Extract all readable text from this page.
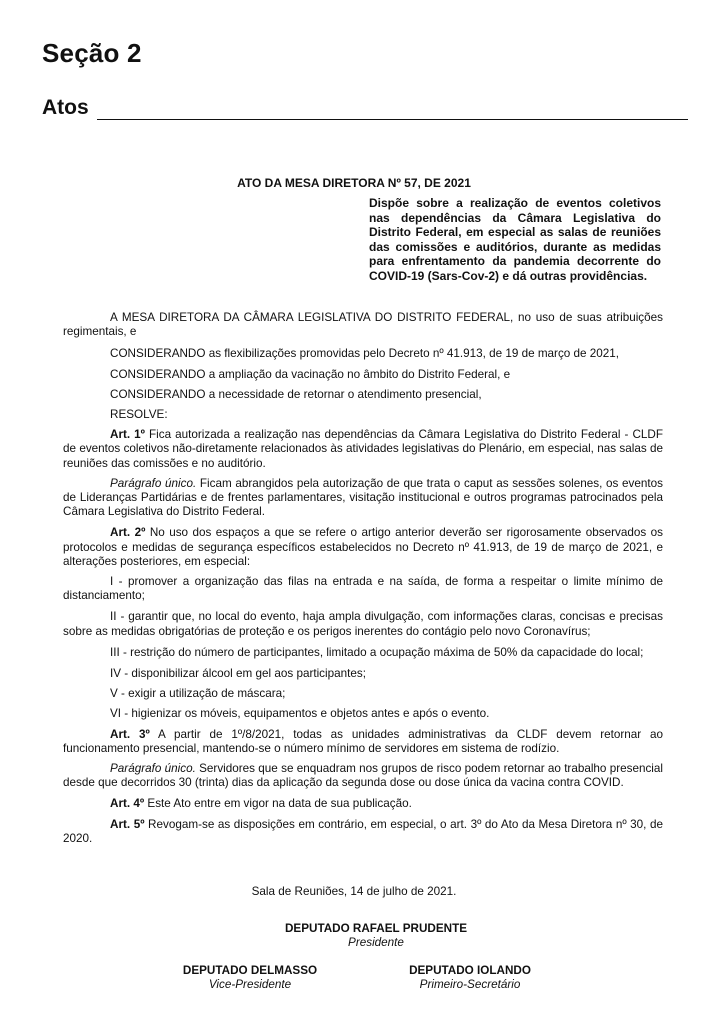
Seção 2
Atos

ATO DA MESA DIRETORA Nº 57, DE 2021

Dispõe sobre a realização de eventos coletivos nas dependências da Câmara Legislativa do Distrito Federal, em especial as salas de reuniões das comissões e auditórios, durante as medidas para enfrentamento da pandemia decorrente do COVID-19 (Sars-Cov-2) e dá outras providências.

A MESA DIRETORA DA CÂMARA LEGISLATIVA DO DISTRITO FEDERAL, no uso de suas atribuições regimentais, e

CONSIDERANDO as flexibilizações promovidas pelo Decreto nº 41.913, de 19 de março de 2021,

CONSIDERANDO a ampliação da vacinação no âmbito do Distrito Federal, e

CONSIDERANDO a necessidade de retornar o atendimento presencial,

RESOLVE:

Art. 1º Fica autorizada a realização nas dependências da Câmara Legislativa do Distrito Federal - CLDF de eventos coletivos não-diretamente relacionados às atividades legislativas do Plenário, em especial, nas salas de reuniões das comissões e no auditório.

Parágrafo único. Ficam abrangidos pela autorização de que trata o caput as sessões solenes, os eventos de Lideranças Partidárias e de frentes parlamentares, visitação institucional e outros programas patrocinados pela Câmara Legislativa do Distrito Federal.

Art. 2º No uso dos espaços a que se refere o artigo anterior deverão ser rigorosamente observados os protocolos e medidas de segurança específicos estabelecidos no Decreto nº 41.913, de 19 de março de 2021, e alterações posteriores, em especial:

I - promover a organização das filas na entrada e na saída, de forma a respeitar o limite mínimo de distanciamento;

II - garantir que, no local do evento, haja ampla divulgação, com informações claras, concisas e precisas sobre as medidas obrigatórias de proteção e os perigos inerentes do contágio pelo novo Coronavírus;

III - restrição do número de participantes, limitado a ocupação máxima de 50% da capacidade do local;

IV - disponibilizar álcool em gel aos participantes;

V - exigir a utilização de máscara;

VI - higienizar os móveis, equipamentos e objetos antes e após o evento.

Art. 3º A partir de 1º/8/2021, todas as unidades administrativas da CLDF devem retornar ao funcionamento presencial, mantendo-se o número mínimo de servidores em sistema de rodízio.

Parágrafo único. Servidores que se enquadram nos grupos de risco podem retornar ao trabalho presencial desde que decorridos 30 (trinta) dias da aplicação da segunda dose ou dose única da vacina contra COVID.

Art. 4º Este Ato entre em vigor na data de sua publicação.

Art. 5º Revogam-se as disposições em contrário, em especial, o art. 3º do Ato da Mesa Diretora nº 30, de 2020.

Sala de Reuniões, 14 de julho de 2021.

DEPUTADO RAFAEL PRUDENTE
Presidente
DEPUTADO DELMASSO
Vice-Presidente
DEPUTADO IOLANDO
Primeiro-Secretário
